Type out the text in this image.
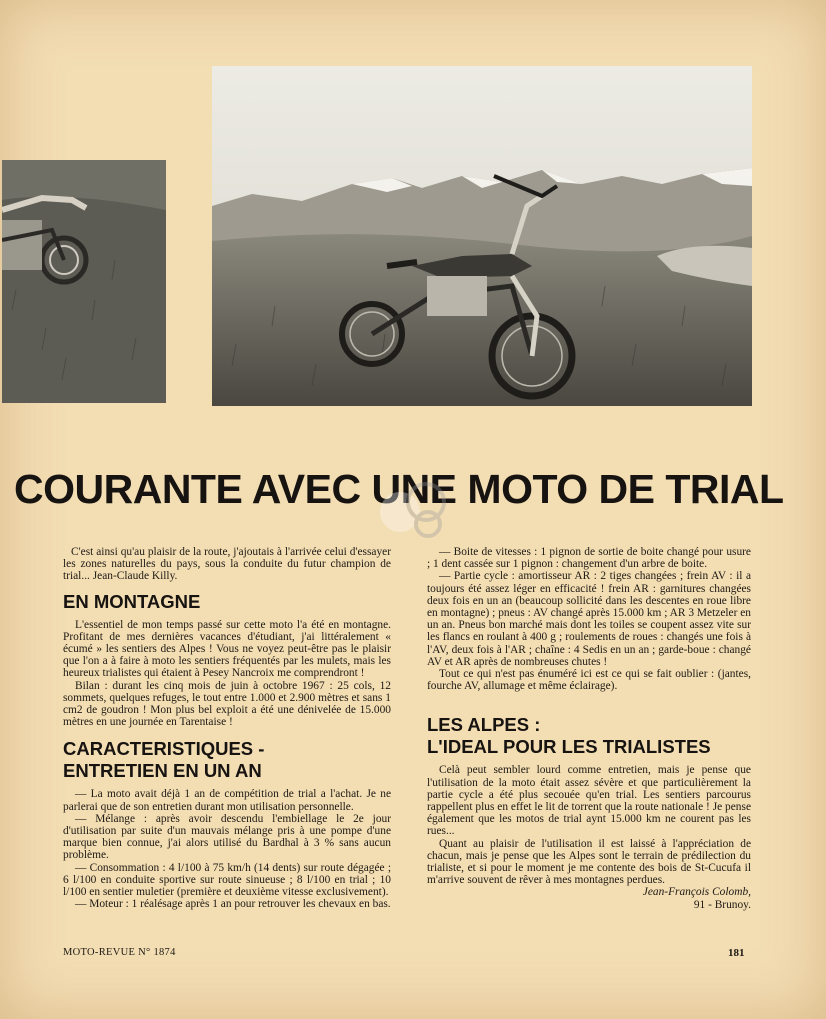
COURANTE AVEC UNE MOTO DE TRIAL

C'est ainsi qu'au plaisir de la route, j'ajoutais à l'arrivée celui d'essayer les zones naturelles du pays, sous la conduite du futur champion de trial... Jean-Claude Killy.

EN MONTAGNE

L'essentiel de mon temps passé sur cette moto l'a été en montagne. Profitant de mes dernières vacances d'étudiant, j'ai littéralement « écumé » les sentiers des Alpes ! Vous ne voyez peut-être pas le plaisir que l'on a à faire à moto les sentiers fréquentés par les mulets, mais les heureux trialistes qui étaient à Pesey Nancroix me comprendront !

Bilan : durant les cinq mois de juin à octobre 1967 : 25 cols, 12 sommets, quelques refuges, le tout entre 1.000 et 2.900 mètres et sans 1 cm2 de goudron ! Mon plus bel exploit a été une dénivelée de 15.000 mètres en une journée en Tarentaise !

CARACTERISTIQUES -
ENTRETIEN EN UN AN

— La moto avait déjà 1 an de compétition de trial a l'achat. Je ne parlerai que de son entretien durant mon utilisation personnelle.

— Mélange : après avoir descendu l'embiellage le 2e jour d'utilisation par suite d'un mauvais mélange pris à une pompe d'une marque bien connue, j'ai alors utilisé du Bardhal à 3 % sans aucun problème.

— Consommation : 4 l/100 à 75 km/h (14 dents) sur route dégagée ; 6 l/100 en conduite sportive sur route sinueuse ; 8 l/100 en trial ; 10 l/100 en sentier muletier (première et deuxième vitesse exclusivement).

— Moteur : 1 réalésage après 1 an pour retrouver les chevaux en bas.

— Boite de vitesses : 1 pignon de sortie de boite changé pour usure ; 1 dent cassée sur 1 pignon : changement d'un arbre de boite.

— Partie cycle : amortisseur AR : 2 tiges changées ; frein AV : il a toujours été assez léger en efficacité ! frein AR : garnitures changées deux fois en un an (beaucoup sollicité dans les descentes en roue libre en montagne) ; pneus : AV changé après 15.000 km ; AR 3 Metzeler en un an. Pneus bon marché mais dont les toiles se coupent assez vite sur les flancs en roulant à 400 g ; roulements de roues : changés une fois à l'AV, deux fois à l'AR ; chaîne : 4 Sedis en un an ; garde-boue : changé AV et AR après de nombreuses chutes !

Tout ce qui n'est pas énuméré ici est ce qui se fait oublier : (jantes, fourche AV, allumage et même éclairage).

LES ALPES :
L'IDEAL POUR LES TRIALISTES

Celà peut sembler lourd comme entretien, mais je pense que l'utilisation de la moto était assez sévère et que particulièrement la partie cycle a été plus secouée qu'en trial. Les sentiers parcourus rappellent plus en effet le lit de torrent que la route nationale ! Je pense également que les motos de trial aynt 15.000 km ne courent pas les rues...

Quant au plaisir de l'utilisation il est laissé à l'appréciation de chacun, mais je pense que les Alpes sont le terrain de prédilection du trialiste, et si pour le moment je me contente des bois de St-Cucufa il m'arrive souvent de rêver à mes montagnes perdues.

Jean-François Colomb,

91 - Brunoy.

MOTO-REVUE N° 1874	181
